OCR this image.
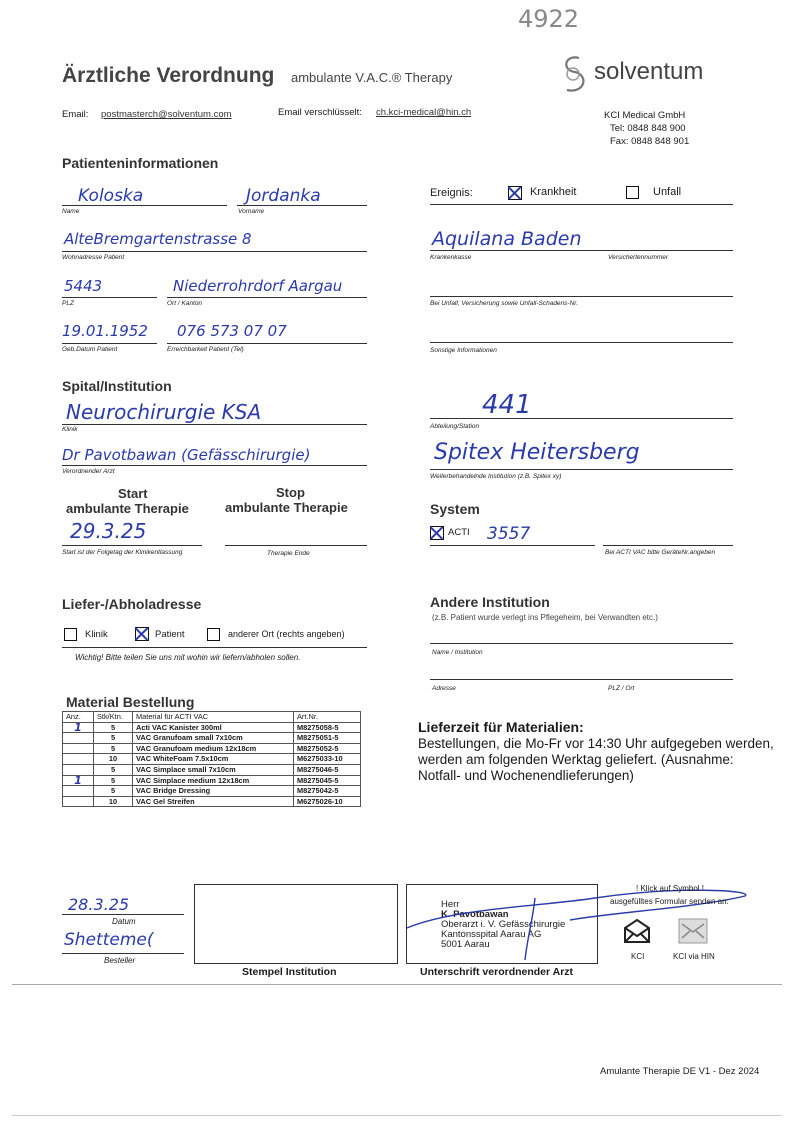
4922
Ärztliche Verordnung ambulante V.A.C.® Therapy	solventum
Email: postmasterch@solventum.com	Email verschlüsselt: ch.kci-medical@hin.ch	KCI Medical GmbH
Tel: 0848 848 900
Fax: 0848 848 901
Patienteninformationen
Koloska
Name
Jordanka
Vorname
AlteBremgartenstrasse 8
Wohnadresse Patient
5443
PLZ
Niederrohrdorf Aargau
Ort / Kanton
19.01.1952
Geb.Datum Patient
076 573 07 07
Erreichbarkeit Patient (Tel)
Ereignis:	Krankheit	Unfall
Aquilana Baden
Krankenkasse	Versichertennummer
Bei Unfall; Versicherung sowie Unfall-Schadens-Nr.
Sonstige Informationen
Spital/Institution
Neurochirurgie KSA
Klinik
441
Abteilung/Station
Dr Pavotbawan (Gefässchirurgie)
Verordnender Arzt
Spitex Heitersberg
Weiterbehandelnde Institution (z.B. Spitex xy)
Start
ambulante Therapie
Stop
ambulante Therapie
29.3.25
Start ist der Folgetag der Klinikentlassung	Therapie Ende
System
ACTI 3557
Bei ACTI VAC bitte GeräteNr.angeben
Liefer-/Abholadresse
Klinik	Patient	anderer Ort (rechts angeben)
Wichtig! Bitte teilen Sie uns mit wohin wir liefern/abholen sollen.
Andere Institution
(z.B. Patient wurde verlegt ins Pflegeheim, bei Verwandten etc.)
Name / Institution
Adresse	PLZ / Ort
Material Bestellung
Anz.	Stk/Ktn.	Material für ACTI VAC	Art.Nr.
1	5	Acti VAC Kanister 300ml	M8275058-5
	5	VAC Granufoam small 7x10cm	M8275051-5
	5	VAC Granufoam medium 12x18cm	M8275052-5
	10	VAC WhiteFoam 7.5x10cm	M6275033-10
	5	VAC Simplace small 7x10cm	M8275046-5
1	5	VAC Simplace medium 12x18cm	M8275045-5
	5	VAC Bridge Dressing	M8275042-5
	10	VAC Gel Streifen	M6275026-10
Lieferzeit für Materialien:
Bestellungen, die Mo-Fr vor 14:30 Uhr aufgegeben werden, werden am folgenden Werktag geliefert. (Ausnahme: Notfall- und Wochenendlieferungen)
28.3.25
Datum
Shetteme(
Besteller
Stempel Institution
Herr
K. Pavotbawan
Oberarzt i. V. Gefässchirurgie
Kantonsspital Aarau AG
5001 Aarau
Unterschrift verordnender Arzt
! Klick auf Symbol !
ausgefülltes Formular senden an:
KCI	KCI via HIN
Amulante Therapie DE V1 - Dez 2024
